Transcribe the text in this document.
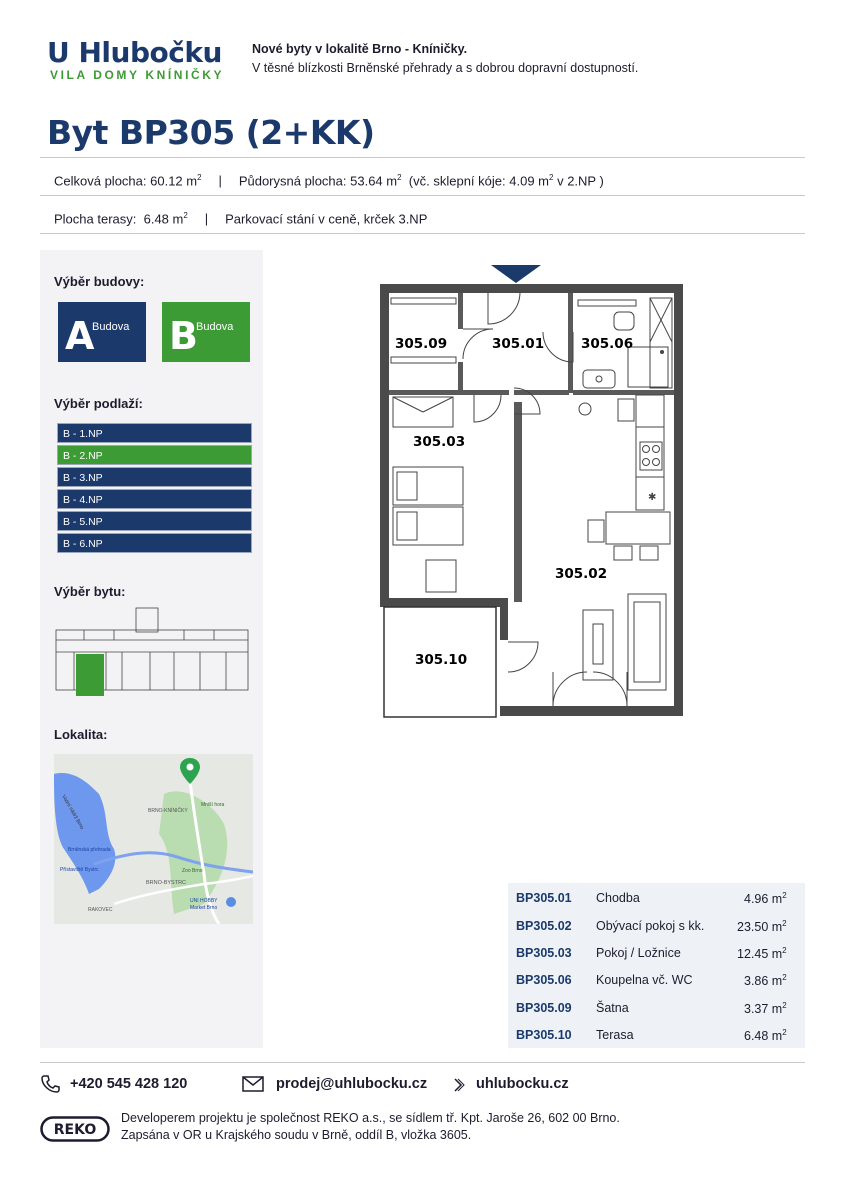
U Hlubočku
VILA DOMY KNÍNIČKY
Nové byty v lokalitě Brno - Kníničky.
V těsné blízkosti Brněnské přehrady a s dobrou dopravní dostupností.
Byt BP305 (2+KK)
Celková plocha: 60.12 $m^2$ | Půdorysná plocha: 53.64 $m^2$ (vč. sklepní kóje: 4.09 $m^2$ v 2.NP )
Plocha terasy: 6.48 $m^2$ | Parkovací stání v ceně, krček 3.NP
Výběr budovy:
A
Budova B
Budova
Výběr podlaží:
B - 1.NP
B - 2.NP
B - 3.NP
B - 4.NP
B - 5.NP
B - 6.NP
Výběr bytu:
Lokalita:
Vodní nádrž Brno	BRNO-KNÍNIČKY
Mniší hora
Brněnská přehrada
Přístaviště Bystrc	Zoo Brno
BRNO-BYSTRC
RAKOVEC
UNI HOBBY
Market Brno
✱
305.09	305.01	305.06
305.03
305.02
305.10
BP305.01 Chodba	4.96 $m^2$
BP305.02 Obývací pokoj s kk.	23.50 $m^2$
BP305.03 Pokoj / Ložnice	12.45 $m^2$
BP305.06 Koupelna vč. WC	3.86 $m^2$
BP305.09 Šatna	3.37 $m^2$
BP305.10 Terasa	6.48 $m^2$
+420 545 428 120	prodej@uhlubocku.cz	uhlubocku.cz
REKO
Developerem projektu je společnost REKO a.s., se sídlem tř. Kpt. Jaroše 26, 602 00 Brno.
Zapsána v OR u Krajského soudu v Brně, oddíl B, vložka 3605.
